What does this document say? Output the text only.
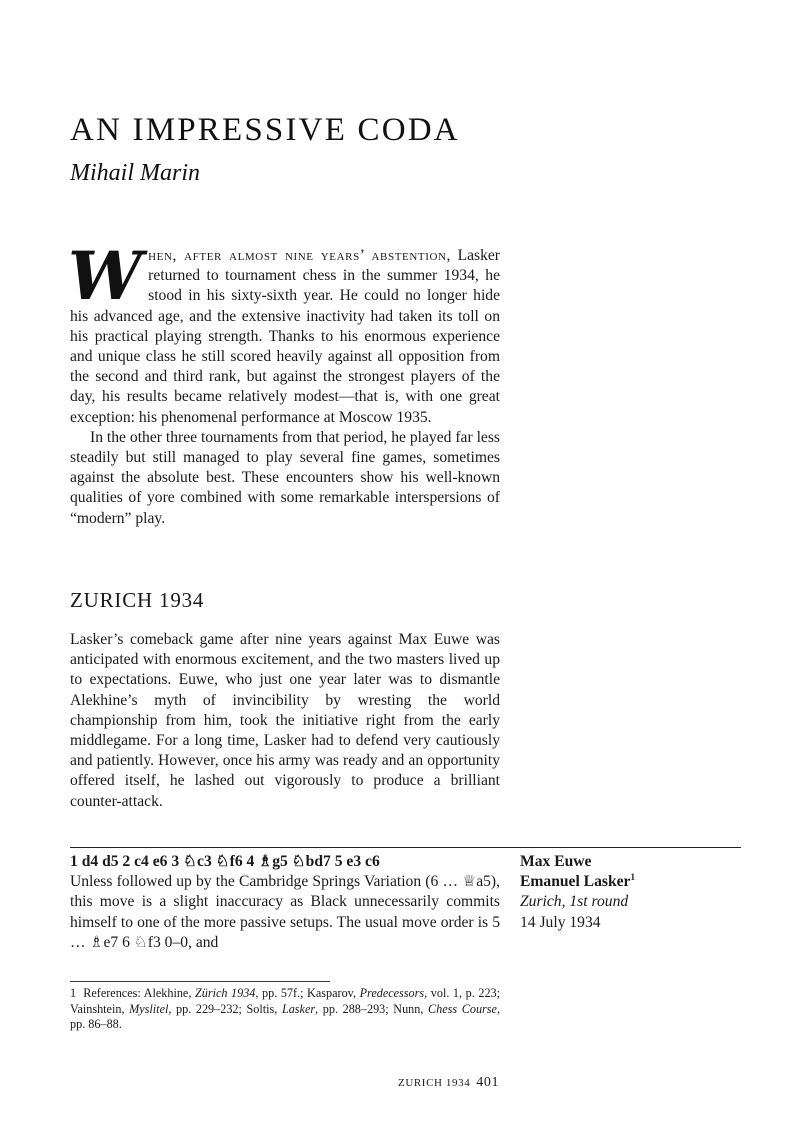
AN IMPRESSIVE CODA
Mihail Marin

When, after almost nine years’ abstention, Lasker returned to tournament chess in the summer 1934, he stood in his sixty-sixth year. He could no longer hide his advanced age, and the extensive inactivity had taken its toll on his practical playing strength. Thanks to his enormous experience and unique class he still scored heavily against all opposition from the second and third rank, but against the strongest players of the day, his results became relatively modest—that is, with one great exception: his phenomenal performance at Moscow 1935.

In the other three tournaments from that period, he played far less steadily but still managed to play several fine games, sometimes against the absolute best. These encounters show his well-known qualities of yore combined with some remarkable interspersions of “modern” play.

ZURICH 1934

Lasker’s comeback game after nine years against Max Euwe was anticipated with enormous excitement, and the two masters lived up to expectations. Euwe, who just one year later was to dismantle Alekhine’s myth of invincibility by wresting the world championship from him, took the initiative right from the early middlegame. For a long time, Lasker had to defend very cautiously and patiently. However, once his army was ready and an opportunity offered itself, he lashed out vigorously to produce a brilliant counter-attack.

1 d4 d5 2 c4 e6 3 ♘c3 ♘f6 4 ♗g5 ♘bd7 5 e3 c6

Unless followed up by the Cambridge Springs Variation (6 … ♕a5), this move is a slight inaccuracy as Black unnecessarily commits himself to one of the more passive setups. The usual move order is 5 … ♗e7 6 ♘f3 0–0, and

Max Euwe
Emanuel Lasker$^1$
Zurich, 1st round
14 July 1934
1 References: Alekhine, Zürich 1934, pp. 57f.; Kasparov, Predecessors, vol. 1, p. 223; Vainshtein, Myslitel, pp. 229–232; Soltis, Lasker, pp. 288–293; Nunn, Chess Course, pp. 86–88.
ZURICH 1934 401
